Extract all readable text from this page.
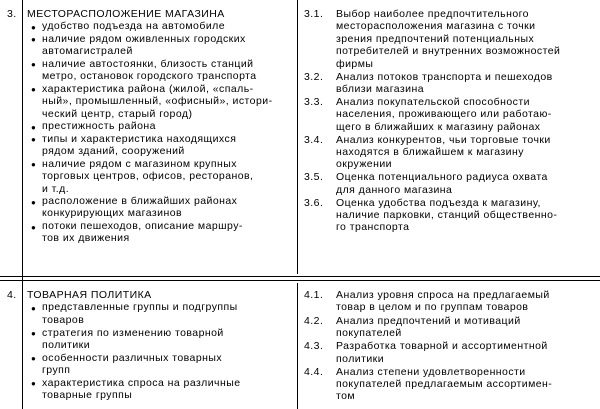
3. МЕСТОРАСПОЛОЖЕНИЕ МАГАЗИНА
● удобство подъезда на автомобиле
● наличие рядом оживленных городских
автомагистралей
● наличие автостоянки, близость станций
метро, остановок городского транспорта
● характеристика района (жилой, «спаль-
ный», промышленный, «офисный», истори-
ческий центр, старый город)
● престижность района
● типы и характеристика находящихся
рядом зданий, сооружений
● наличие рядом с магазином крупных
торговых центров, офисов, ресторанов,
и т.д.
● расположение в ближайших районах
конкурирующих магазинов
● потоки пешеходов, описание маршру-
тов их движения
3.1. Выбор наиболее предпочтительного
месторасположения магазина с точки
зрения предпочтений потенциальных
потребителей и внутренних возможностей
фирмы
3.2. Анализ потоков транспорта и пешеходов
вблизи магазина
3.3. Анализ покупательской способности
населения, проживающего или работаю-
щего в ближайших к магазину районах
3.4. Анализ конкурентов, чьи торговые точки
находятся в ближайшем к магазину
окружении
3.5. Оценка потенциального радиуса охвата
для данного магазина
3.6. Оценка удобства подъезда к магазину,
наличие парковки, станций общественно-
го транспорта
4. ТОВАРНАЯ ПОЛИТИКА
● представленные группы и подгруппы
товаров
● стратегия по изменению товарной
политики
● особенности различных товарных
групп
● характеристика спроса на различные
товарные группы
4.1. Анализ уровня спроса на предлагаемый
товар в целом и по группам товаров
4.2. Анализ предпочтений и мотиваций
покупателей
4.3. Разработка товарной и ассортиментной
политики
4.4. Анализ степени удовлетворенности
покупателей предлагаемым ассортимен-
том
